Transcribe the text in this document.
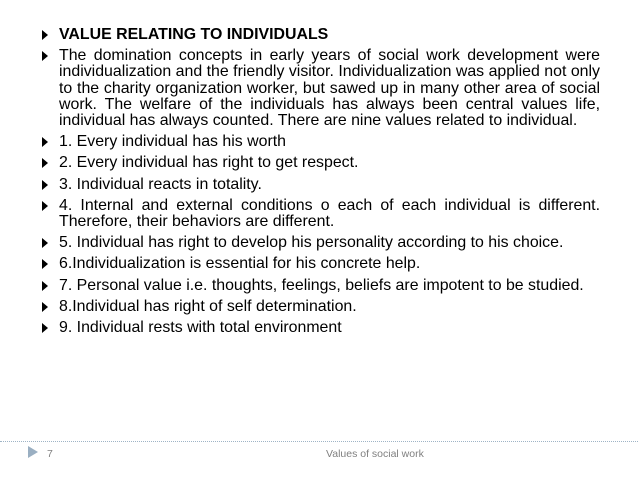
VALUE RELATING TO INDIVIDUALS
The domination concepts in early years of social work development were individualization and the friendly visitor. Individualization was applied not only to the charity organization worker, but sawed up in many other area of social work. The welfare of the individuals has always been central values life, individual has always counted. There are nine values related to individual.
1. Every individual has his worth
2. Every individual has right to get respect.
3. Individual reacts in totality.
4. Internal and external conditions o each of each individual is different. Therefore, their behaviors are different.
5. Individual has right to develop his personality according to his choice.
6.Individualization is essential for his concrete help.
7. Personal value i.e. thoughts, feelings, beliefs are impotent to be studied.
8.Individual has right of self determination.
9. Individual rests with total environment
7	Values of social work
